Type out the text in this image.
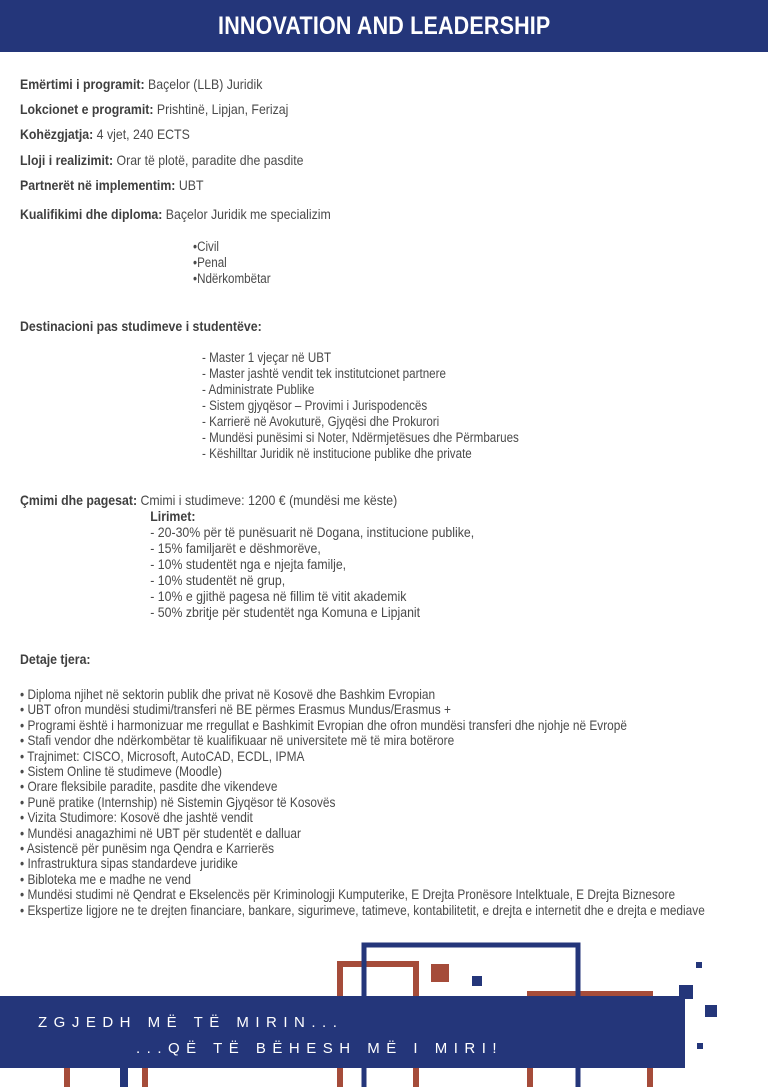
INNOVATION AND LEADERSHIP
Emërtimi i programit: Baçelor (LLB) Juridik
Lokcionet e programit: Prishtinë, Lipjan, Ferizaj
Kohëzgjatja: 4 vjet, 240 ECTS
Lloji i realizimit: Orar të plotë, paradite dhe pasdite
Partnerët në implementim: UBT
Kualifikimi dhe diploma: Baçelor Juridik me specializim
•Civil
•Penal
•Ndërkombëtar
Destinacioni pas studimeve i studentëve:
- Master 1 vjeçar në UBT
- Master jashtë vendit tek institutcionet partnere
- Administrate Publike
- Sistem gjyqësor – Provimi i Jurispodencës
- Karrierë në Avokuturë, Gjyqësi dhe Prokurori
- Mundësi punësimi si Noter, Ndërmjetësues dhe Përmbarues
- Këshilltar Juridik në institucione publike dhe private
Çmimi dhe pagesat: Cmimi i studimeve: 1200 € (mundësi me këste)
Lirimet:
- 20-30% për të punësuarit në Dogana, institucione publike,
- 15% familjarët e dëshmorëve,
- 10% studentët nga e njejta familje,
- 10% studentët në grup,
- 10% e gjithë pagesa në fillim të vitit akademik
- 50% zbritje për studentët nga Komuna e Lipjanit
Detaje tjera:
• Diploma njihet në sektorin publik dhe privat në Kosovë dhe Bashkim Evropian
• UBT ofron mundësi studimi/transferi në BE përmes Erasmus Mundus/Erasmus +
• Programi është i harmonizuar me rregullat e Bashkimit Evropian dhe ofron mundësi transferi dhe njohje në Evropë
• Stafi vendor dhe ndërkombëtar të kualifikuaar në universitete më të mira botërore
• Trajnimet: CISCO, Microsoft, AutoCAD, ECDL, IPMA
• Sistem Online të studimeve (Moodle)
• Orare fleksibile paradite, pasdite dhe vikendeve
• Punë pratike (Internship) në Sistemin Gjyqësor të Kosovës
• Vizita Studimore: Kosovë dhe jashtë vendit
• Mundësi anagazhimi në UBT për studentët e dalluar
• Asistencë për punësim nga Qendra e Karrierës
• Infrastruktura sipas standardeve juridike
• Bibloteka me e madhe ne vend
• Mundësi studimi në Qendrat e Ekselencës për Kriminologji Kumputerike, E Drejta Pronësore Intelktuale, E Drejta Biznesore
• Ekspertize ligjore ne te drejten financiare, bankare, sigurimeve, tatimeve, kontabilitetit, e drejta e internetit dhe e drejta e mediave
ZGJEDH MË TË MIRIN...
...QË TË BËHESH MË I MIRI!
